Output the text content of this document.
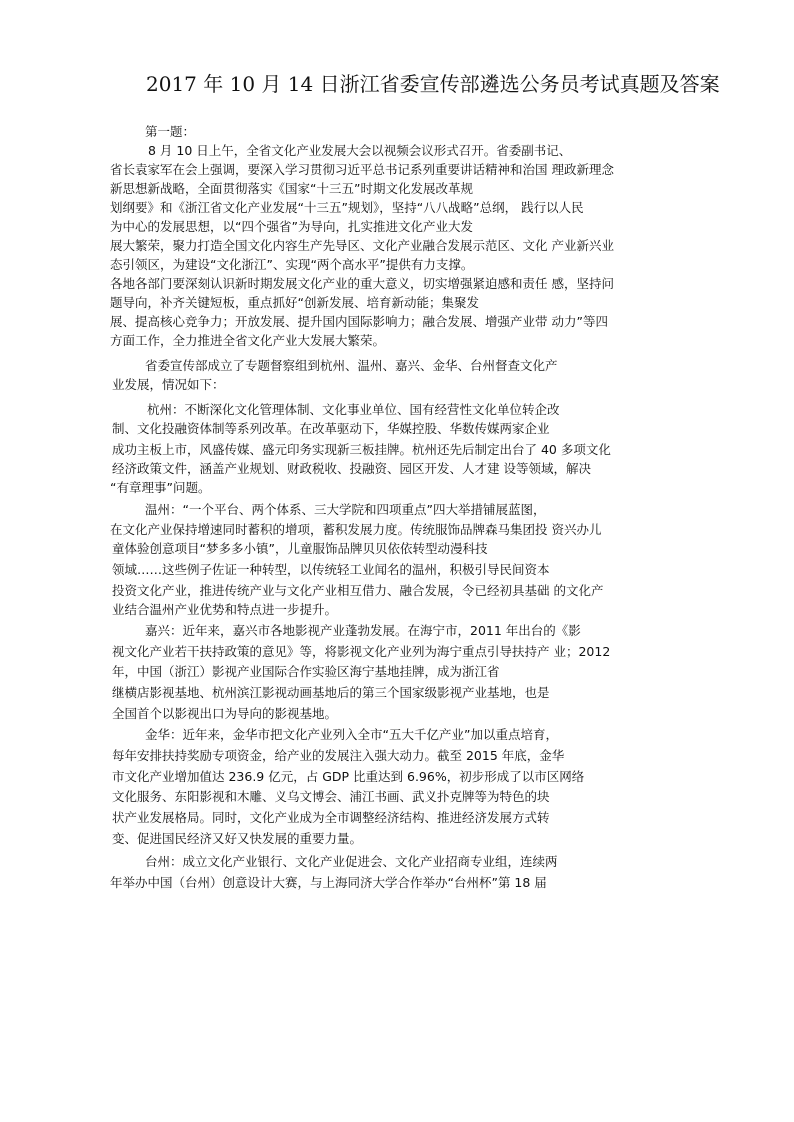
2017 年 10 月 14 日浙江省委宣传部遴选公务员考试真题及答案
第一题：
8 月 10 日上午，全省文化产业发展大会以视频会议形式召开。省委副书记、
省长袁家军在会上强调，要深入学习贯彻习近平总书记系列重要讲话精神和治国 理政新理念
新思想新战略，全面贯彻落实《国家“十三五”时期文化发展改革规
划纲要》和《浙江省文化产业发展“十三五”规划》，坚持“八八战略”总纲， 践行以人民
为中心的发展思想，以“四个强省”为导向，扎实推进文化产业大发
展大繁荣，聚力打造全国文化内容生产先导区、文化产业融合发展示范区、文化 产业新兴业
态引领区，为建设“文化浙江”、实现“两个高水平”提供有力支撑。
各地各部门要深刻认识新时期发展文化产业的重大意义，切实增强紧迫感和责任 感，坚持问
题导向，补齐关键短板，重点抓好“创新发展、培育新动能；集聚发
展、提高核心竞争力；开放发展、提升国内国际影响力；融合发展、增强产业带 动力”等四
方面工作，全力推进全省文化产业大发展大繁荣。
省委宣传部成立了专题督察组到杭州、温州、嘉兴、金华、台州督查文化产
业发展，情况如下：
杭州：不断深化文化管理体制、文化事业单位、国有经营性文化单位转企改
制、文化投融资体制等系列改革。在改革驱动下，华媒控股、华数传媒两家企业
成功主板上市，风盛传媒、盛元印务实现新三板挂牌。杭州还先后制定出台了 40 多项文化
经济政策文件，涵盖产业规划、财政税收、投融资、园区开发、人才建 设等领域，解决
“有章理事”问题。
温州：“一个平台、两个体系、三大学院和四项重点”四大举措铺展蓝图，
在文化产业保持增速同时蓄积的增项，蓄积发展力度。传统服饰品牌森马集团投 资兴办儿
童体验创意项目“梦多多小镇”，儿童服饰品牌贝贝依依转型动漫科技
领域……这些例子佐证一种转型，以传统轻工业闻名的温州，积极引导民间资本
投资文化产业，推进传统产业与文化产业相互借力、融合发展，令已经初具基础 的文化产
业结合温州产业优势和特点进一步提升。
嘉兴：近年来，嘉兴市各地影视产业蓬勃发展。在海宁市，2011 年出台的《影
视文化产业若干扶持政策的意见》等，将影视文化产业列为海宁重点引导扶持产 业；2012
年，中国（浙江）影视产业国际合作实验区海宁基地挂牌，成为浙江省
继横店影视基地、杭州滨江影视动画基地后的第三个国家级影视产业基地，也是
全国首个以影视出口为导向的影视基地。
金华：近年来，金华市把文化产业列入全市“五大千亿产业”加以重点培育，
每年安排扶持奖励专项资金，给产业的发展注入强大动力。截至 2015 年底，金华
市文化产业增加值达 236.9 亿元，占 GDP 比重达到 6.96%，初步形成了以市区网络
文化服务、东阳影视和木雕、义乌文博会、浦江书画、武义扑克牌等为特色的块
状产业发展格局。同时，文化产业成为全市调整经济结构、推进经济发展方式转
变、促进国民经济又好又快发展的重要力量。
台州：成立文化产业银行、文化产业促进会、文化产业招商专业组，连续两
年举办中国（台州）创意设计大赛，与上海同济大学合作举办“台州杯”第 18 届
